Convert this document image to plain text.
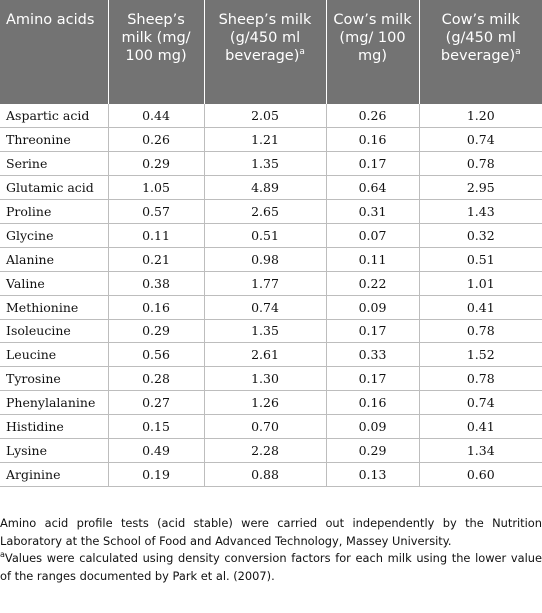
Amino acids	Sheep’s milk (mg/ 100 mg)	Sheep’s milk (g/450 ml beverage)$^a$	Cow’s milk (mg/ 100 mg)	Cow’s milk (g/450 ml beverage)$^a$
Aspartic acid	0.44	2.05	0.26	1.20
Threonine	0.26	1.21	0.16	0.74
Serine	0.29	1.35	0.17	0.78
Glutamic acid	1.05	4.89	0.64	2.95
Proline	0.57	2.65	0.31	1.43
Glycine	0.11	0.51	0.07	0.32
Alanine	0.21	0.98	0.11	0.51
Valine	0.38	1.77	0.22	1.01
Methionine	0.16	0.74	0.09	0.41
Isoleucine	0.29	1.35	0.17	0.78
Leucine	0.56	2.61	0.33	1.52
Tyrosine	0.28	1.30	0.17	0.78
Phenylalanine	0.27	1.26	0.16	0.74
Histidine	0.15	0.70	0.09	0.41
Lysine	0.49	2.28	0.29	1.34
Arginine	0.19	0.88	0.13	0.60
Amino acid profile tests (acid stable) were carried out independently by the Nutrition Laboratory at the School of Food and Advanced Technology, Massey University.
$^a$Values were calculated using density conversion factors for each milk using the lower value of the ranges documented by Park et al. (2007).
